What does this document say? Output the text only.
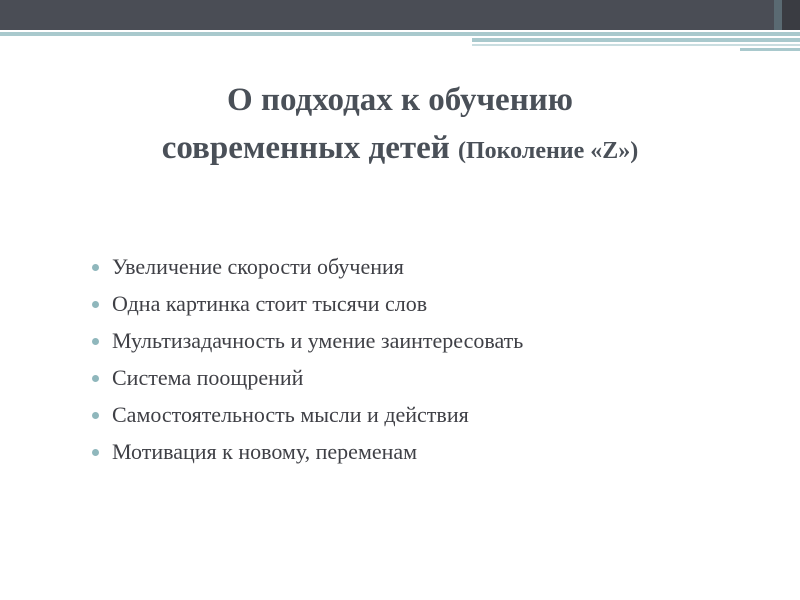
О подходах к обучению
современных детей (Поколение «Z»)
Увеличение скорости обучения
Одна картинка стоит тысячи слов
Мультизадачность и умение заинтересовать
Система поощрений
Самостоятельность мысли и действия
Мотивация к новому, переменам
